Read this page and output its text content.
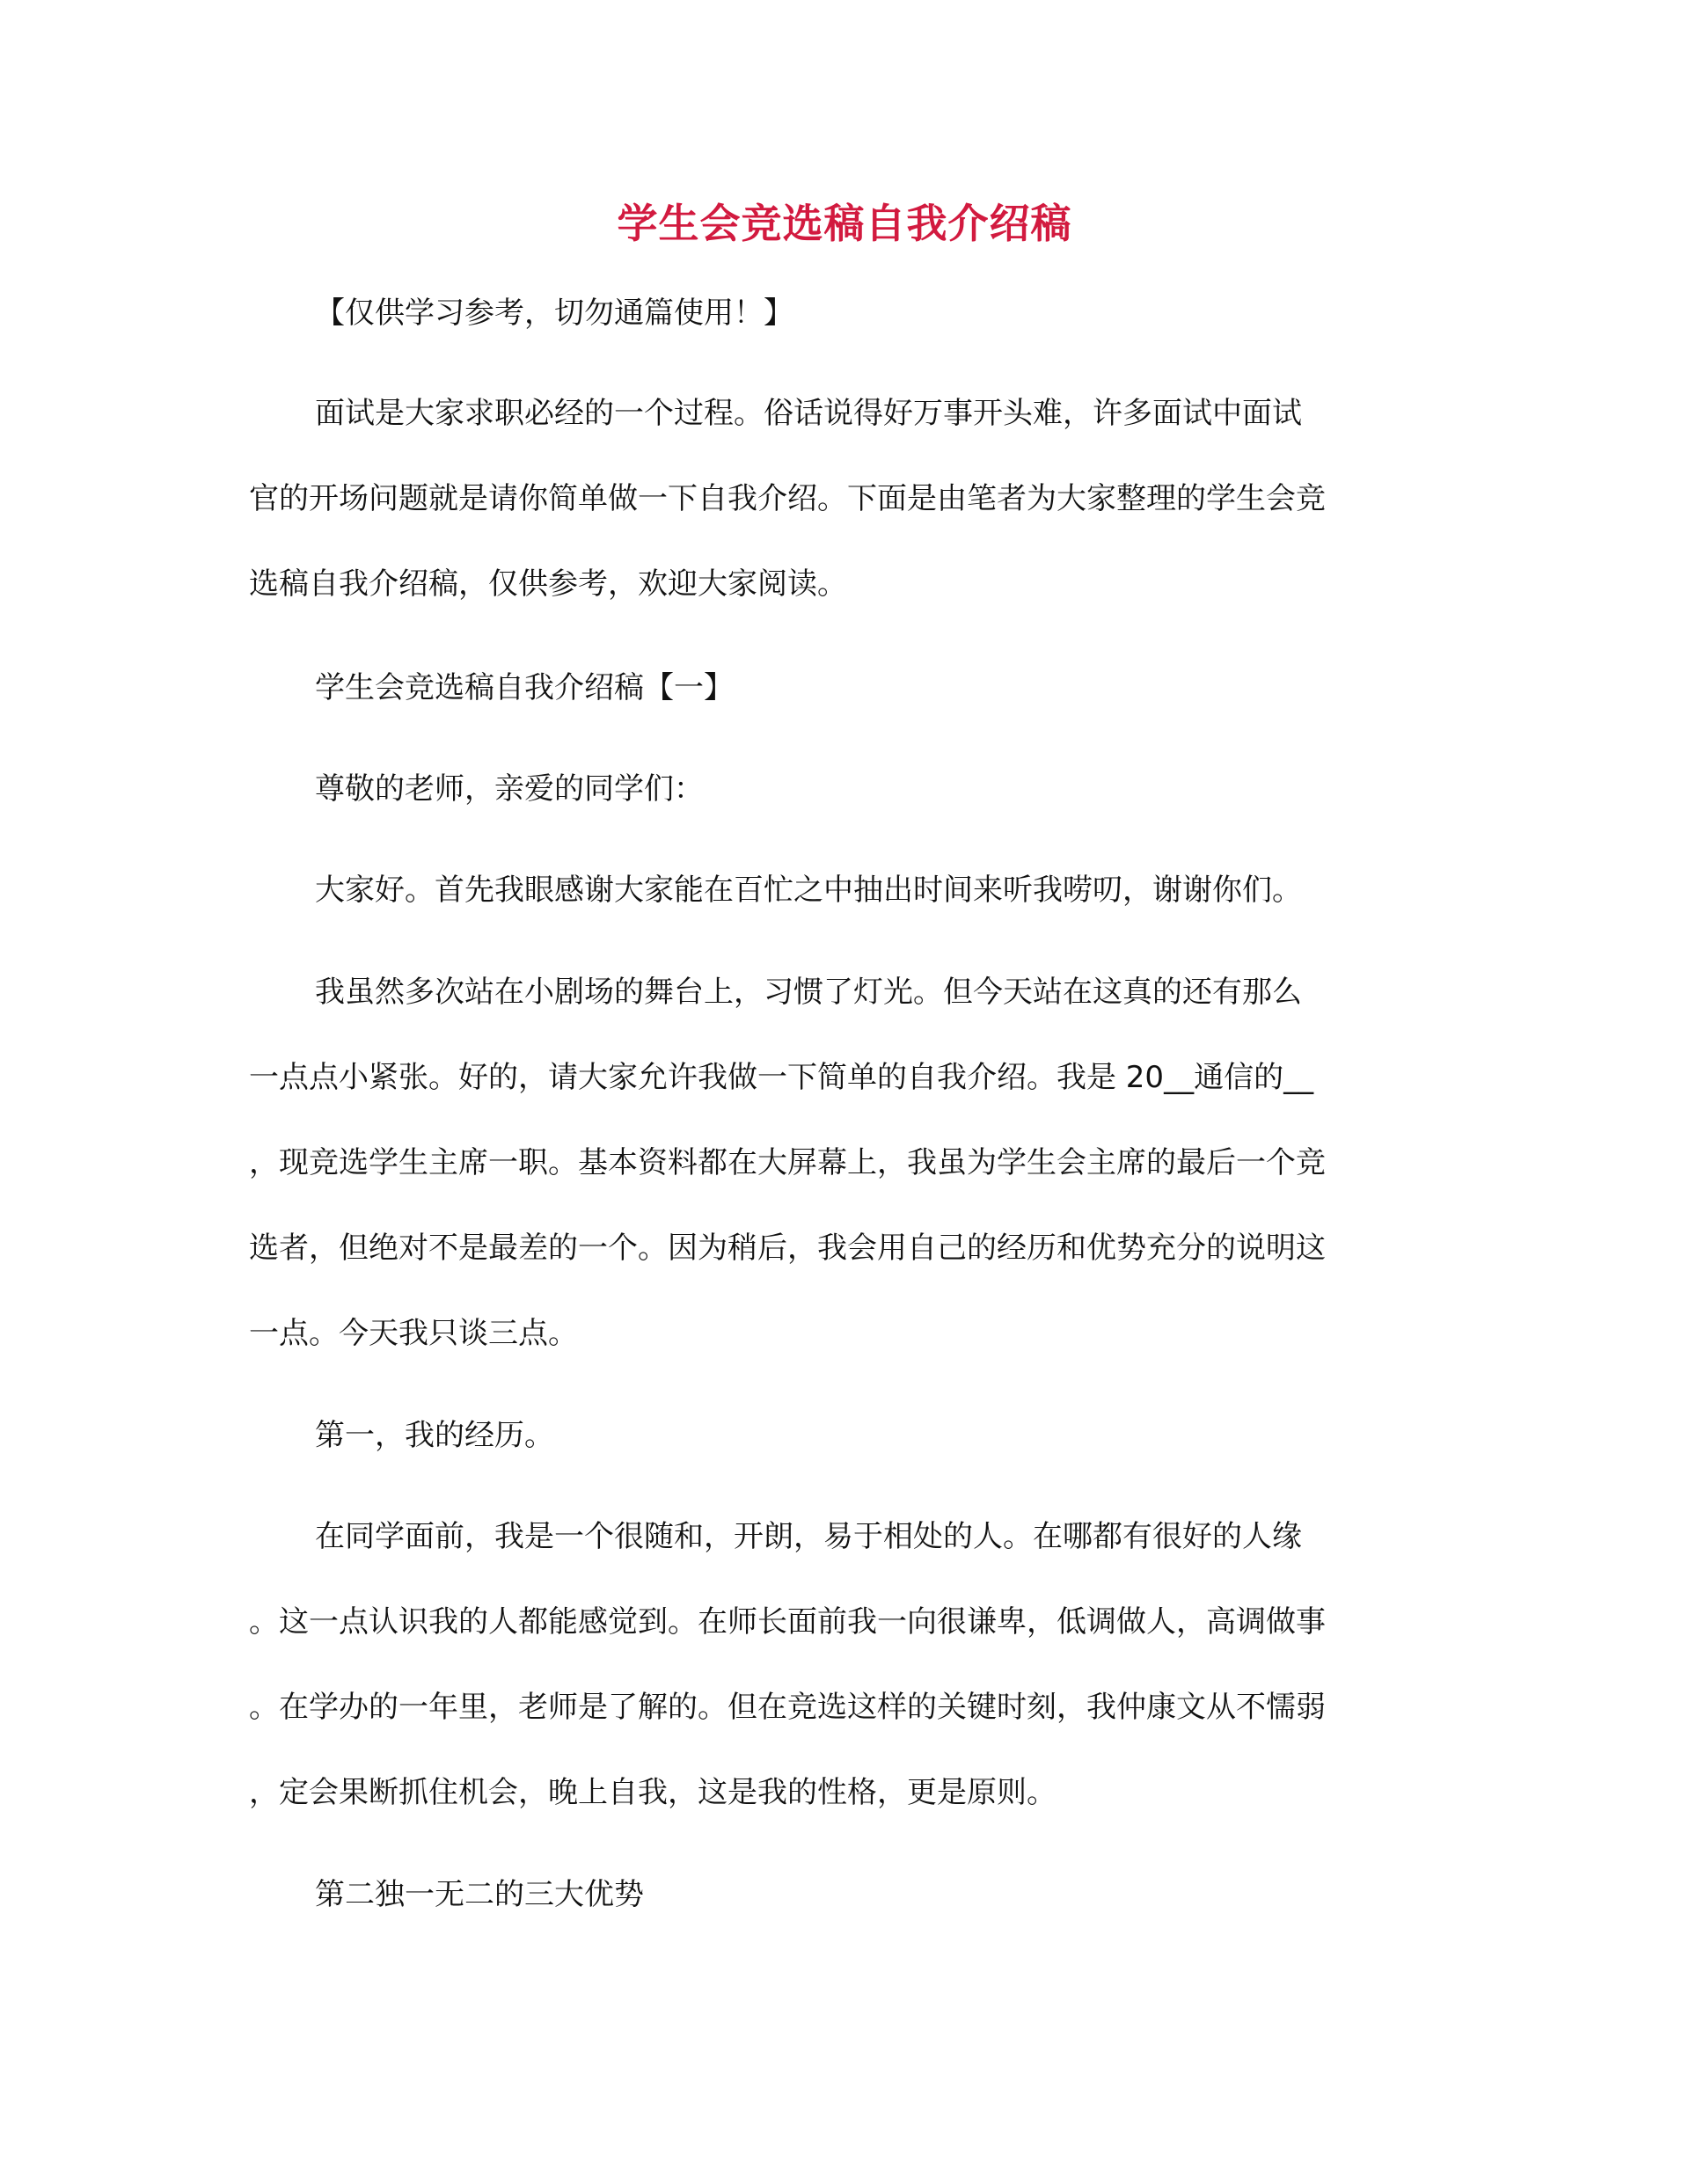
学生会竞选稿自我介绍稿
【仅供学习参考，切勿通篇使用！】
面试是大家求职必经的一个过程。俗话说得好万事开头难，许多面试中面试
官的开场问题就是请你简单做一下自我介绍。下面是由笔者为大家整理的学生会竞
选稿自我介绍稿，仅供参考，欢迎大家阅读。
学生会竞选稿自我介绍稿【一】
尊敬的老师，亲爱的同学们：
大家好。首先我眼感谢大家能在百忙之中抽出时间来听我唠叨，谢谢你们。
我虽然多次站在小剧场的舞台上，习惯了灯光。但今天站在这真的还有那么
一点点小紧张。好的，请大家允许我做一下简单的自我介绍。我是 20__通信的__
，现竞选学生主席一职。基本资料都在大屏幕上，我虽为学生会主席的最后一个竞
选者，但绝对不是最差的一个。因为稍后，我会用自己的经历和优势充分的说明这
一点。今天我只谈三点。
第一，我的经历。
在同学面前，我是一个很随和，开朗，易于相处的人。在哪都有很好的人缘
。这一点认识我的人都能感觉到。在师长面前我一向很谦卑，低调做人，高调做事
。在学办的一年里，老师是了解的。但在竞选这样的关键时刻，我仲康文从不懦弱
，定会果断抓住机会，晚上自我，这是我的性格，更是原则。
第二独一无二的三大优势
